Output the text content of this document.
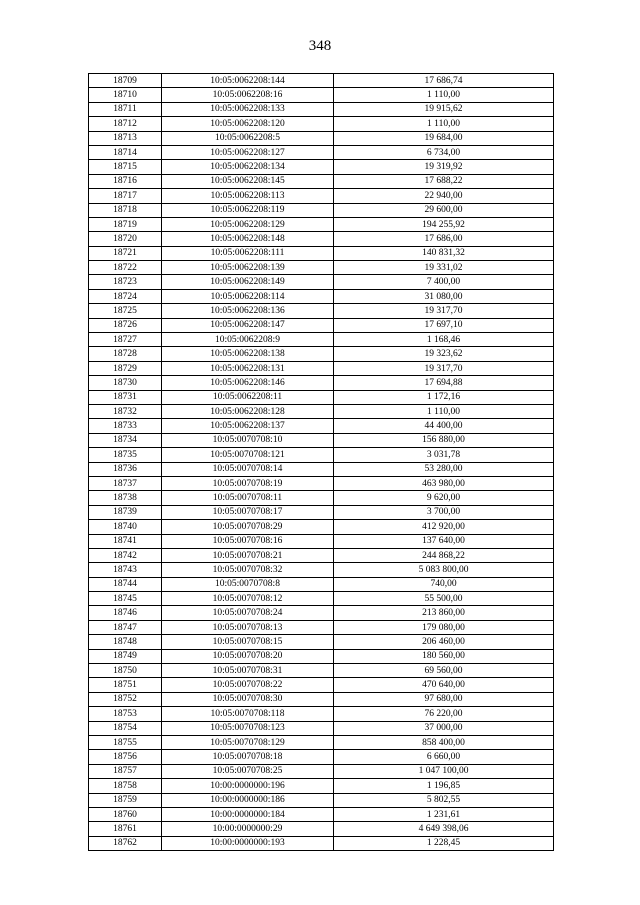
348
18709	10:05:0062208:144	17 686,74
18710	10:05:0062208:16	1 110,00
18711	10:05:0062208:133	19 915,62
18712	10:05:0062208:120	1 110,00
18713	10:05:0062208:5	19 684,00
18714	10:05:0062208:127	6 734,00
18715	10:05:0062208:134	19 319,92
18716	10:05:0062208:145	17 688,22
18717	10:05:0062208:113	22 940,00
18718	10:05:0062208:119	29 600,00
18719	10:05:0062208:129	194 255,92
18720	10:05:0062208:148	17 686,00
18721	10:05:0062208:111	140 831,32
18722	10:05:0062208:139	19 331,02
18723	10:05:0062208:149	7 400,00
18724	10:05:0062208:114	31 080,00
18725	10:05:0062208:136	19 317,70
18726	10:05:0062208:147	17 697,10
18727	10:05:0062208:9	1 168,46
18728	10:05:0062208:138	19 323,62
18729	10:05:0062208:131	19 317,70
18730	10:05:0062208:146	17 694,88
18731	10:05:0062208:11	1 172,16
18732	10:05:0062208:128	1 110,00
18733	10:05:0062208:137	44 400,00
18734	10:05:0070708:10	156 880,00
18735	10:05:0070708:121	3 031,78
18736	10:05:0070708:14	53 280,00
18737	10:05:0070708:19	463 980,00
18738	10:05:0070708:11	9 620,00
18739	10:05:0070708:17	3 700,00
18740	10:05:0070708:29	412 920,00
18741	10:05:0070708:16	137 640,00
18742	10:05:0070708:21	244 868,22
18743	10:05:0070708:32	5 083 800,00
18744	10:05:0070708:8	740,00
18745	10:05:0070708:12	55 500,00
18746	10:05:0070708:24	213 860,00
18747	10:05:0070708:13	179 080,00
18748	10:05:0070708:15	206 460,00
18749	10:05:0070708:20	180 560,00
18750	10:05:0070708:31	69 560,00
18751	10:05:0070708:22	470 640,00
18752	10:05:0070708:30	97 680,00
18753	10:05:0070708:118	76 220,00
18754	10:05:0070708:123	37 000,00
18755	10:05:0070708:129	858 400,00
18756	10:05:0070708:18	6 660,00
18757	10:05:0070708:25	1 047 100,00
18758	10:00:0000000:196	1 196,85
18759	10:00:0000000:186	5 802,55
18760	10:00:0000000:184	1 231,61
18761	10:00:0000000:29	4 649 398,06
18762	10:00:0000000:193	1 228,45
